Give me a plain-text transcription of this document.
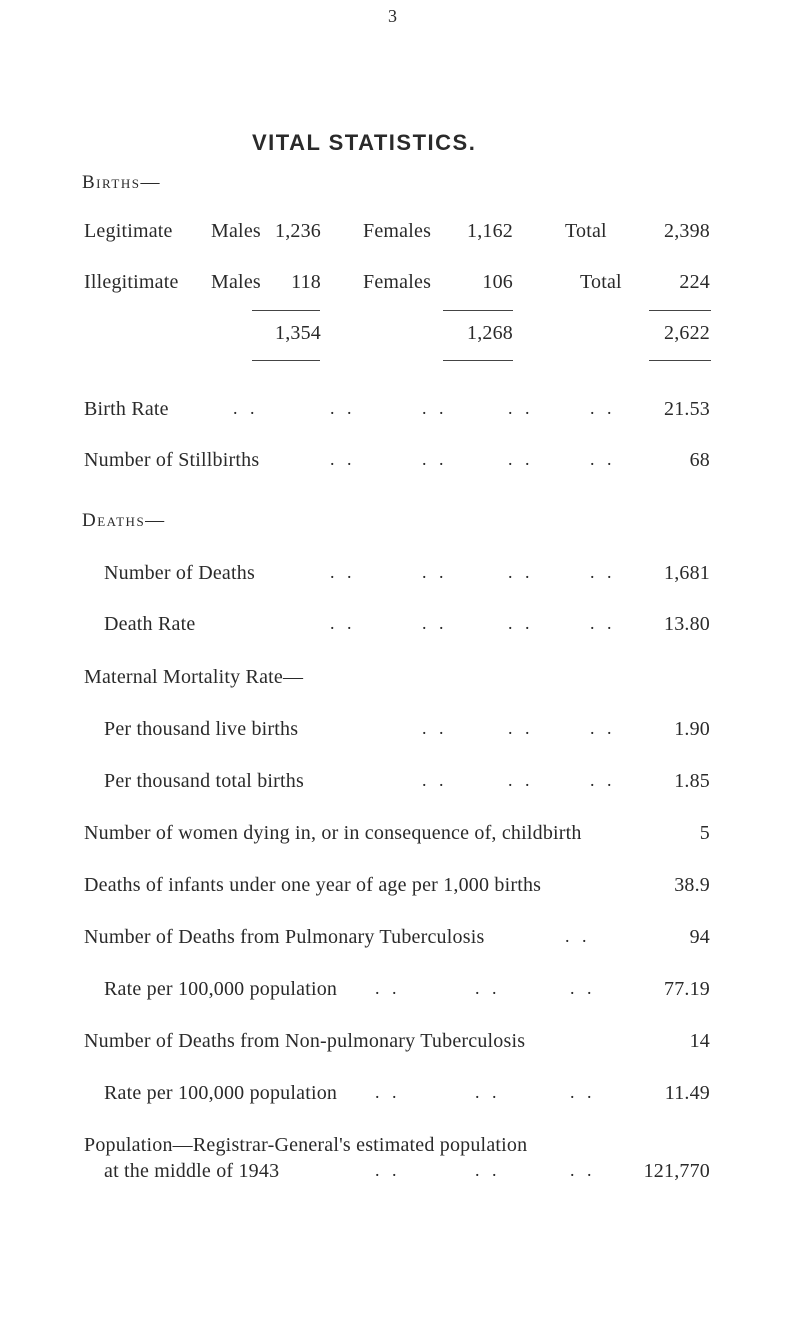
3
VITAL STATISTICS.
Births—
Legitimate Males 1,236 Females	1,162	Total	2,398
Illegitimate Males	118 Females	106	Total	224
1,354	1,268	2,622
Birth Rate	. .	. .	. .	. .	. .	21.53
Number of Stillbirths	. .	. .	. .	. .	68
Deaths—
Number of Deaths	. .	. .	. .	. .	1,681
Death Rate	. .	. .	. .	. .	13.80
Maternal Mortality Rate—
Per thousand live births	. .	. .	. .	1.90
Per thousand total births	. .	. .	. .	1.85
Number of women dying in, or in consequence of, childbirth	5
Deaths of infants under one year of age per 1,000 births	38.9
Number of Deaths from Pulmonary Tuberculosis	. .	94
Rate per 100,000 population . .	. .	. .	77.19
Number of Deaths from Non-pulmonary Tuberculosis	14
Rate per 100,000 population . .	. .	. .	11.49
Population—Registrar-General's estimated population
at the middle of 1943	. .	. .	. .	121,770
